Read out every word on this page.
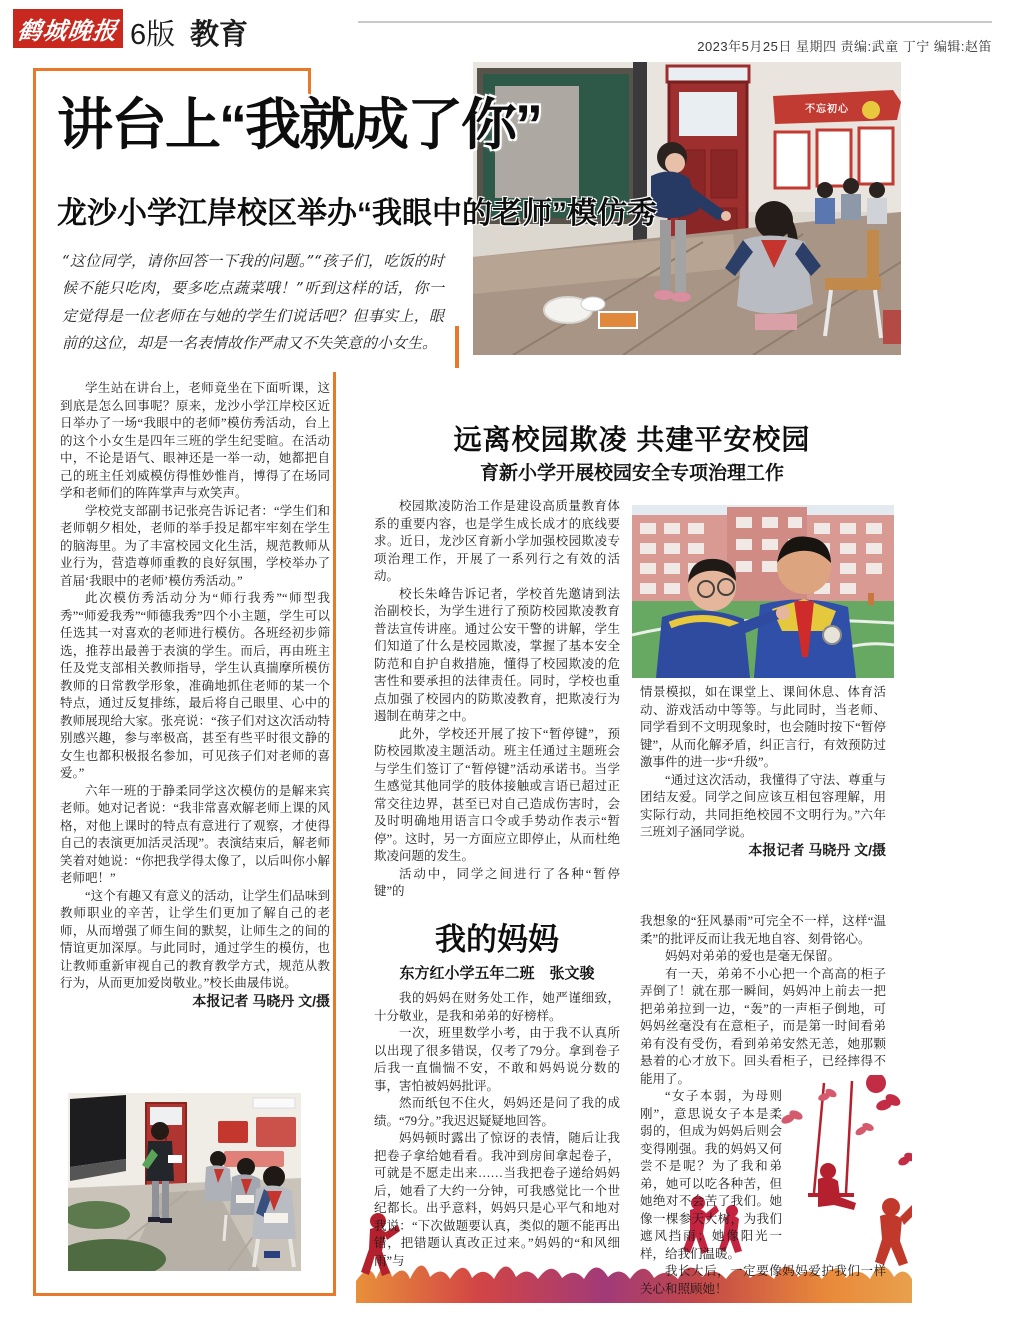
鹤城晚报 6版 教育	2023年5月25日 星期四 责编:武童 丁宁 编辑:赵笛
不忘初心
讲台上“我就成了你”
龙沙小学江岸校区举办“我眼中的老师”模仿秀
“这位同学，请你回答一下我的问题。”“孩子们，吃饭的时候不能只吃肉，要多吃点蔬菜哦！”听到这样的话，你一定觉得是一位老师在与她的学生们说话吧？但事实上，眼前的这位，却是一名表情故作严肃又不失笑意的小女生。

学生站在讲台上，老师竟坐在下面听课，这到底是怎么回事呢？原来，龙沙小学江岸校区近日举办了一场“我眼中的老师”模仿秀活动，台上的这个小女生是四年三班的学生纪雯暄。在活动中，不论是语气、眼神还是一举一动，她都把自己的班主任刘威模仿得惟妙惟肖，博得了在场同学和老师们的阵阵掌声与欢笑声。

学校党支部副书记张亮告诉记者：“学生们和老师朝夕相处，老师的举手投足都牢牢刻在学生的脑海里。为了丰富校园文化生活，规范教师从业行为，营造尊师重教的良好氛围，学校举办了首届‘我眼中的老师’模仿秀活动。”

此次模仿秀活动分为“师行我秀”“师型我秀”“师爱我秀”“师德我秀”四个小主题，学生可以任选其一对喜欢的老师进行模仿。各班经初步筛选，推荐出最善于表演的学生。而后，再由班主任及党支部相关教师指导，学生认真揣摩所模仿教师的日常教学形象，准确地抓住老师的某一个特点，通过反复排练，最后将自己眼里、心中的教师展现给大家。张亮说：“孩子们对这次活动特别感兴趣，参与率极高，甚至有些平时很文静的女生也都积极报名参加，可见孩子们对老师的喜爱。”

六年一班的于静柔同学这次模仿的是解来宾老师。她对记者说：“我非常喜欢解老师上课的风格，对他上课时的特点有意进行了观察，才使得自己的表演更加活灵活现”。表演结束后，解老师笑着对她说：“你把我学得太像了，以后叫你小解老师吧！”

“这个有趣又有意义的活动，让学生们品味到教师职业的辛苦，让学生们更加了解自己的老师，从而增强了师生间的默契，让师生之的间的情谊更加深厚。与此同时，通过学生的模仿，也让教师重新审视自己的教育教学方式，规范从教行为，从而更加爱岗敬业。”校长曲晟伟说。

本报记者 马晓丹 文/摄

远离校园欺凌 共建平安校园
育新小学开展校园安全专项治理工作

校园欺凌防治工作是建设高质量教育体系的重要内容，也是学生成长成才的底线要求。近日，龙沙区育新小学加强校园欺凌专项治理工作，开展了一系列行之有效的活动。

校长朱峰告诉记者，学校首先邀请到法治副校长，为学生进行了预防校园欺凌教育普法宣传讲座。通过公安干警的讲解，学生们知道了什么是校园欺凌，掌握了基本安全防范和自护自救措施，懂得了校园欺凌的危害性和要承担的法律责任。同时，学校也重点加强了校园内的防欺凌教育，把欺凌行为遏制在萌芽之中。

此外，学校还开展了按下“暂停键”，预防校园欺凌主题活动。班主任通过主题班会与学生们签订了“暂停键”活动承诺书。当学生感觉其他同学的肢体接触或言语已超过正常交往边界，甚至已对自己造成伤害时，会及时明确地用语言口令或手势动作表示“暂停”。这时，另一方面应立即停止，从而杜绝欺凌问题的发生。

活动中，同学之间进行了各种“暂停键”的

情景模拟，如在课堂上、课间休息、体育活动、游戏活动中等等。与此同时，当老师、同学看到不文明现象时，也会随时按下“暂停键”，从而化解矛盾，纠正言行，有效预防过激事件的进一步“升级”。

“通过这次活动，我懂得了守法、尊重与团结友爱。同学之间应该互相包容理解，用实际行动，共同拒绝校园不文明行为。”六年三班刘子涵同学说。

本报记者 马晓丹 文/摄

我的妈妈
东方红小学五年二班　张文骏

我的妈妈在财务处工作，她严谨细致，十分敬业，是我和弟弟的好榜样。

一次，班里数学小考，由于我不认真所以出现了很多错误，仅考了79分。拿到卷子后我一直惴惴不安，不敢和妈妈说分数的事，害怕被妈妈批评。

然而纸包不住火，妈妈还是问了我的成绩。“79分。”我迟迟疑疑地回答。

妈妈顿时露出了惊讶的表情，随后让我把卷子拿给她看看。我冲到房间拿起卷子，可就是不愿走出来……当我把卷子递给妈妈后，她看了大约一分钟，可我感觉比一个世纪都长。出乎意料，妈妈只是心平气和地对我说：“下次做题要认真，类似的题不能再出错，把错题认真改正过来。”妈妈的“和风细雨”与

我想象的“狂风暴雨”可完全不一样，这样“温柔”的批评反而让我无地自容、刻骨铭心。

妈妈对弟弟的爱也是毫无保留。

有一天，弟弟不小心把一个高高的柜子弄倒了！就在那一瞬间，妈妈冲上前去一把把弟弟拉到一边，“轰”的一声柜子倒地，可妈妈丝毫没有在意柜子，而是第一时间看弟弟有没有受伤，看到弟弟安然无恙，她那颗悬着的心才放下。回头看柜子，已经摔得不能用了。

“女子本弱，为母则刚”，意思说女子本是柔弱的，但成为妈妈后则会变得刚强。我的妈妈又何尝不是呢？为了我和弟弟，她可以吃各种苦，但她绝对不会苦了我们。她像一棵参天大树，为我们遮风挡雨；她像阳光一样，给我们温暖。

我长大后，一定要像妈妈爱护我们一样关心和照顾她！
